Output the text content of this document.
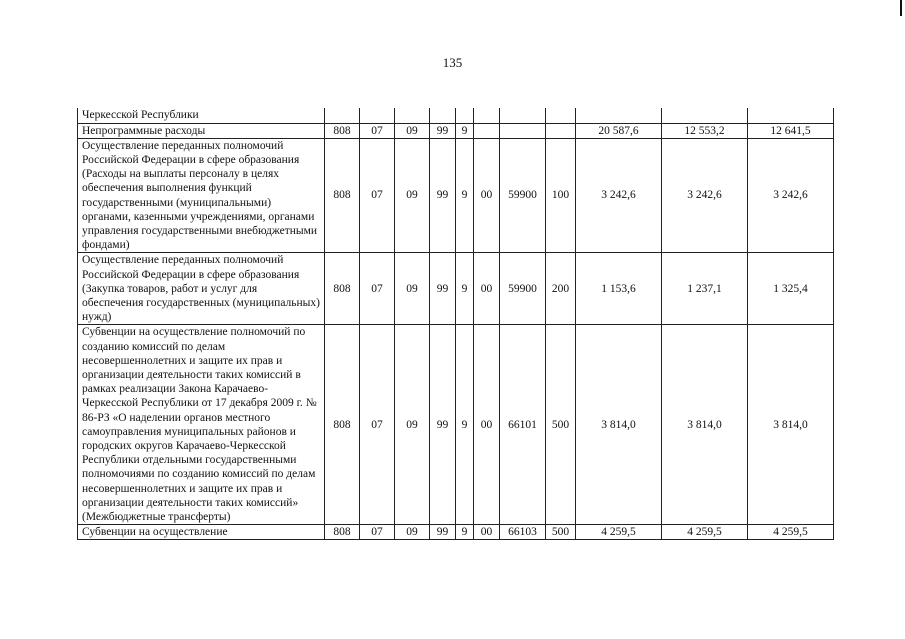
135
Черкесской Республики											
Непрограммные расходы	808	07	09	99	9				20 587,6	12 553,2	12 641,5
Осуществление переданных полномочий Российской Федерации в сфере образования (Расходы на выплаты персоналу в целях обеспечения выполнения функций государственными (муниципальными) органами, казенными учреждениями, органами управления государственными внебюджетными фондами)	808	07	09	99	9	00	59900	100	3 242,6	3 242,6	3 242,6
Осуществление переданных полномочий Российской Федерации в сфере образования (Закупка товаров, работ и услуг для обеспечения государственных (муниципальных) нужд)	808	07	09	99	9	00	59900	200	1 153,6	1 237,1	1 325,4
Субвенции на осуществление полномочий по созданию комиссий по делам несовершеннолетних и защите их прав и организации деятельности таких комиссий в рамках реализации Закона Карачаево-Черкесской Республики от 17 декабря 2009 г. № 86-РЗ «О наделении органов местного самоуправления муниципальных районов и городских округов Карачаево-Черкесской Республики отдельными государственными полномочиями по созданию комиссий по делам несовершеннолетних и защите их прав и организации деятельности таких комиссий» (Межбюджетные трансферты)	808	07	09	99	9	00	66101	500	3 814,0	3 814,0	3 814,0
Субвенции на осуществление	808	07	09	99	9	00	66103	500	4 259,5	4 259,5	4 259,5
